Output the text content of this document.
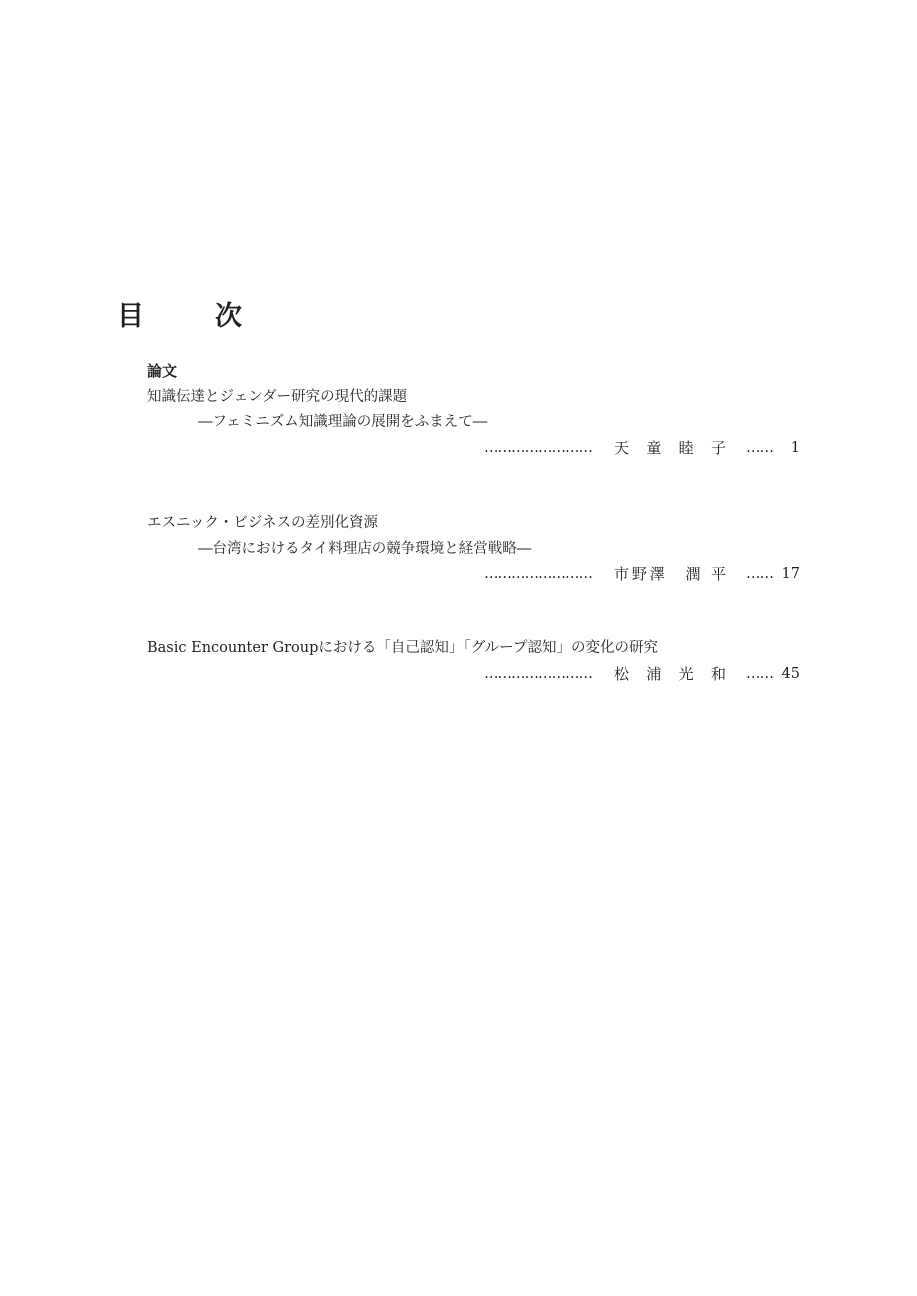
目　次
論文
知識伝達とジェンダー研究の現代的課題
―フェミニズム知識理論の展開をふまえて―
…………………… 天 童 睦 子 …… 1
エスニック・ビジネスの差別化資源
―台湾におけるタイ料理店の競争環境と経営戦略―
…………………… 市野澤　潤 平 …… 17
Basic Encounter Groupにおける「自己認知」「グループ認知」の変化の研究
…………………… 松 浦 光 和 …… 45
